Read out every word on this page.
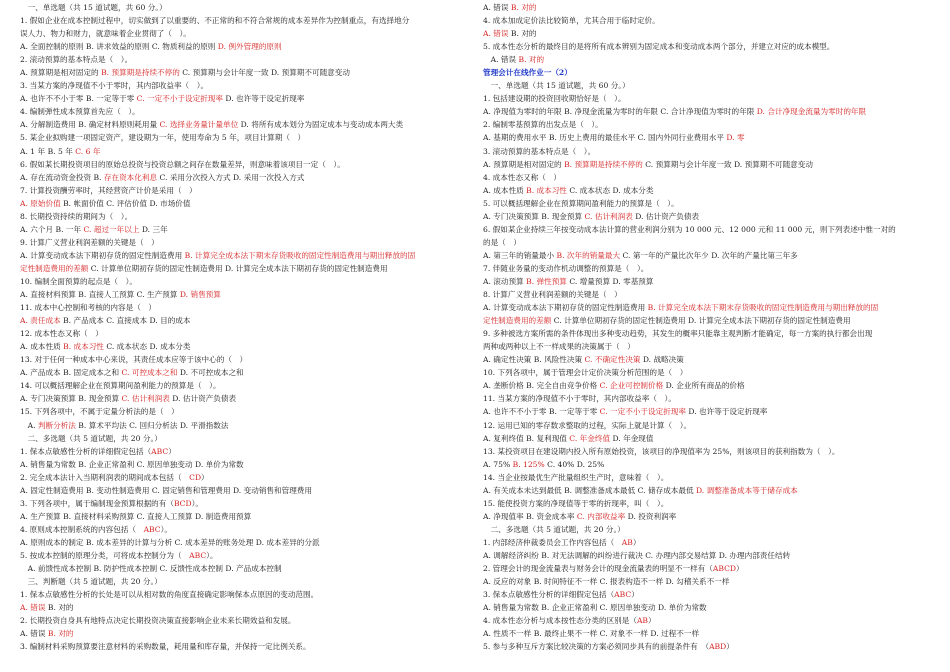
　一、单选题（共 15 道试题，共 60 分。）
1. 假如企业在成本控制过程中，切实做到了以重要的、不正常的和不符合常规的成本差异作为控制重点，有选择地分
误人力、物力和财力，就意味着企业贯彻了（　）。
A. 全面控制的原则 B. 讲求效益的原则 C. 物质利益的原则 D. 例外管理的原则
2. 滚动预算的基本特点是（　）。
A. 预算期是相对固定的 B. 预算期是持续不停的 C. 预算期与会计年度一致 D. 预算期不可随意变动
3. 当某方案的净现值不小于零时，其内部收益率（　）。
A. 也许不不小于零 B. 一定等于零 C. 一定不小于设定折现率 D. 也许等于设定折现率
4. 编制弹性成本预算首先应（　）。
A. 分解制造费用 B. 确定材料原则耗用量 C. 选择业务量计量单位 D. 将所有成本划分为固定成本与变动成本两大类
5. 某企业拟购建一项固定资产，建设期为一年，使用寿命为 5 年，项目计算期（　）
A. 1 年 B. 5 年 C. 6 年
6. 假如某长期投资项目的原始总投资与投资总额之间存在数量差异，则意味着该项目一定（　）。
A. 存在流动资金投资 B. 存在资本化利息 C. 采用分次投入方式 D. 采用一次投入方式
7. 计算投资酬劳率时，其经营资产计价是采用（　）
A. 原始价值 B. 帐面价值 C. 评估价值 D. 市场价值
8. 长期投资持续的期间为（　）。
A. 六个月 B. 一年 C. 超过一年以上 D. 三年
9. 计算广义营业利润差额的关键是（　）
A. 计算变动成本法下期初存货的固定性制造费用 B. 计算完全成本法下期末存货吸收的固定性制造费用与期出释放的固
定性制造费用的差额 C. 计算单位期初存货的固定性制造费用 D. 计算完全成本法下期初存货的固定性制造费用
10. 编制全面预算的起点是（　）。
A. 直接材料预算 B. 直接人工预算 C. 生产预算 D. 销售预算
11. 成本中心控制和考核的内容是（　）
A. 责任成本 B. 产品成本 C. 直接成本 D. 目的成本
12. 成本性态又称（　）
A. 成本性质 B. 成本习性 C. 成本状态 D. 成本分类
13. 对于任何一种成本中心来说，其责任成本应等于该中心的（　）
A. 产品成本 B. 固定成本之和 C. 可控成本之和 D. 不可控成本之和
14. 可以概括理解企业在预算期间盈利能力的预算是（　）。
A. 专门决策预算 B. 现金预算 C. 估计利润表 D. 估计资产负债表
15. 下列各项中，不属于定量分析法的是（　）
　A. 判断分析法 B. 算术平均法 C. 回归分析法 D. 平滑指数法
　二、多选题（共 5 道试题，共 20 分。）
1. 保本点敏感性分析的详细假定包括（ABC）
A. 销售量为常数 B. 企业正常盈利 C. 原因单独变动 D. 单价为常数
2. 完全成本法计入当期利润表的期间成本包括（　CD）
A. 固定性制造费用 B. 变动性制造费用 C. 固定销售和管理费用 D. 变动销售和管理费用
3. 下列各项中，属于编制现金预算根据的有（BCD）。
A. 生产预算 B. 直接材料采购预算 C. 直接人工预算 D. 制造费用预算
4. 原则成本控制系统的内容包括（　ABC）。
A. 原则成本的制定 B. 成本差异的计算与分析 C. 成本差异的账务处理 D. 成本差异的分派
5. 按成本控制的原理分类，可将成本控制分为（　ABC）。
　A. 前馈性成本控制 B. 防护性成本控制 C. 反馈性成本控制 D. 产品成本控制
　三、判断题（共 5 道试题，共 20 分。）
1. 保本点敏感性分析的长处是可以从相对数的角度直接确定影响保本点原因的变动范围。
A. 错误 B. 对的
2. 长期投资自身具有地特点决定长期投资决策直接影响企业未来长期效益和发展。
A. 错误 B. 对的
3. 编制材料采购预算要注意材料的采购数量，耗用量和库存量，并保持一定比例关系。
A. 错误 B. 对的
4. 成本加成定价法比较简单，尤其合用于临时定价。
A. 错误 B. 对的
5. 成本性态分析的最终目的是将所有成本辨别为固定成本和变动成本两个部分，并建立对应的成本模型。
　A. 错误 B. 对的
管理会计在线作业一（2）
　一、单选题（共 15 道试题，共 60 分。）
1. 包括建设期的投资回收期恰好是（　）。
A. 净现值为零时的年限 B. 净现金流量为零时的年限 C. 合计净现值为零时的年限 D. 合计净现金流量为零时的年限
2. 编制零基预算的出发点是（　）。
A. 基期的费用水平 B. 历史上费用的最佳水平 C. 国内外同行业费用水平 D. 零
3. 滚动预算的基本特点是（　）。
A. 预算期是相对固定的 B. 预算期是持续不停的 C. 预算期与会计年度一致 D. 预算期不可随意变动
4. 成本性态又称（　）
A. 成本性质 B. 成本习性 C. 成本状态 D. 成本分类
5. 可以概括理解企业在预算期间盈利能力的预算是（　）。
A. 专门决策预算 B. 现金预算 C. 估计利润表 D. 估计资产负债表
6. 假如某企业持续三年按变动成本法计算的营业利润分别为 10 000 元、12 000 元和 11 000 元，则下列表述中惟一对的
的是（　）
A. 第三年的销量最小 B. 次年的销量最大 C. 第一年的产量比次年少 D. 次年的产量比第三年多
7. 伴随业务量的变动作机动调整的预算是（　）。
A. 滚动预算 B. 弹性预算 C. 增量预算 D. 零基预算
8. 计算广义营业利润差额的关键是（　）
A. 计算变动成本法下期初存货的固定性制造费用 B. 计算完全成本法下期末存货吸收的固定性制造费用与期出释放的固
定性制造费用的差额 C. 计算单位期初存货的固定性制造费用 D. 计算完全成本法下期初存货的固定性制造费用
9. 多种被选方案所需的条件体现出多种变动趋势，其发生的概率只能靠主观判断才能确定，每一方案的执行都会出现
两种或两种以上不一样成果的决策属于（　）
A. 确定性决策 B. 风险性决策 C. 不确定性决策 D. 战略决策
10. 下列各项中，属于管理会计定价决策分析范围的是（　）
A. 垄断价格 B. 完全自由竞争价格 C. 企业可控制价格 D. 企业所有商品的价格
11. 当某方案的净现值不小于零时，其内部收益率（　）。
A. 也许不不小于零 B. 一定等于零 C. 一定不小于设定折现率 D. 也许等于设定折现率
12. 运用已知的零存数求整取的过程，实际上就是计算（　）。
A. 复利终值 B. 复利现值 C. 年金终值 D. 年金现值
13. 某投资项目在建设期内投入所有原始投资，该项目的净现值率为 25%，则该项目的获利指数为（　）。
A. 75% B. 125% C. 40% D. 25%
14. 当企业按最优生产批量组织生产时，意味着（　）。
A. 有关成本未达到最低 B. 调整准备成本最低 C. 储存成本最低 D. 调整准备成本等于储存成本
15. 能使投资方案的净现值等于零的折现率，叫（　）。
A. 净现值率 B. 资金成本率 C. 内部收益率 D. 投资利润率
　二、多选题（共 5 道试题，共 20 分。）
1. 内部经济仲裁委员会工作内容包括（　AB）
A. 调解经济纠纷 B. 对无法调解的纠纷进行裁决 C. 办理内部交易结算 D. 办理内部责任结转
2. 管理会计的现金流量表与财务会计的现金流量表的明显不一样有（ABCD）
A. 反应的对象 B. 时间特征不一样 C. 报表构造不一样 D. 勾稽关系不一样
3. 保本点敏感性分析的详细假定包括（ABC）
A. 销售量为常数 B. 企业正常盈利 C. 原因单独变动 D. 单价为常数
4. 成本性态分析与成本按性态分类的区别是（AB）
A. 性质不一样 B. 最终止果不一样 C. 对象不一样 D. 过程不一样
5. 参与多种互斥方案比较决策的方案必须同步具有的前提条件有　（ABD）
